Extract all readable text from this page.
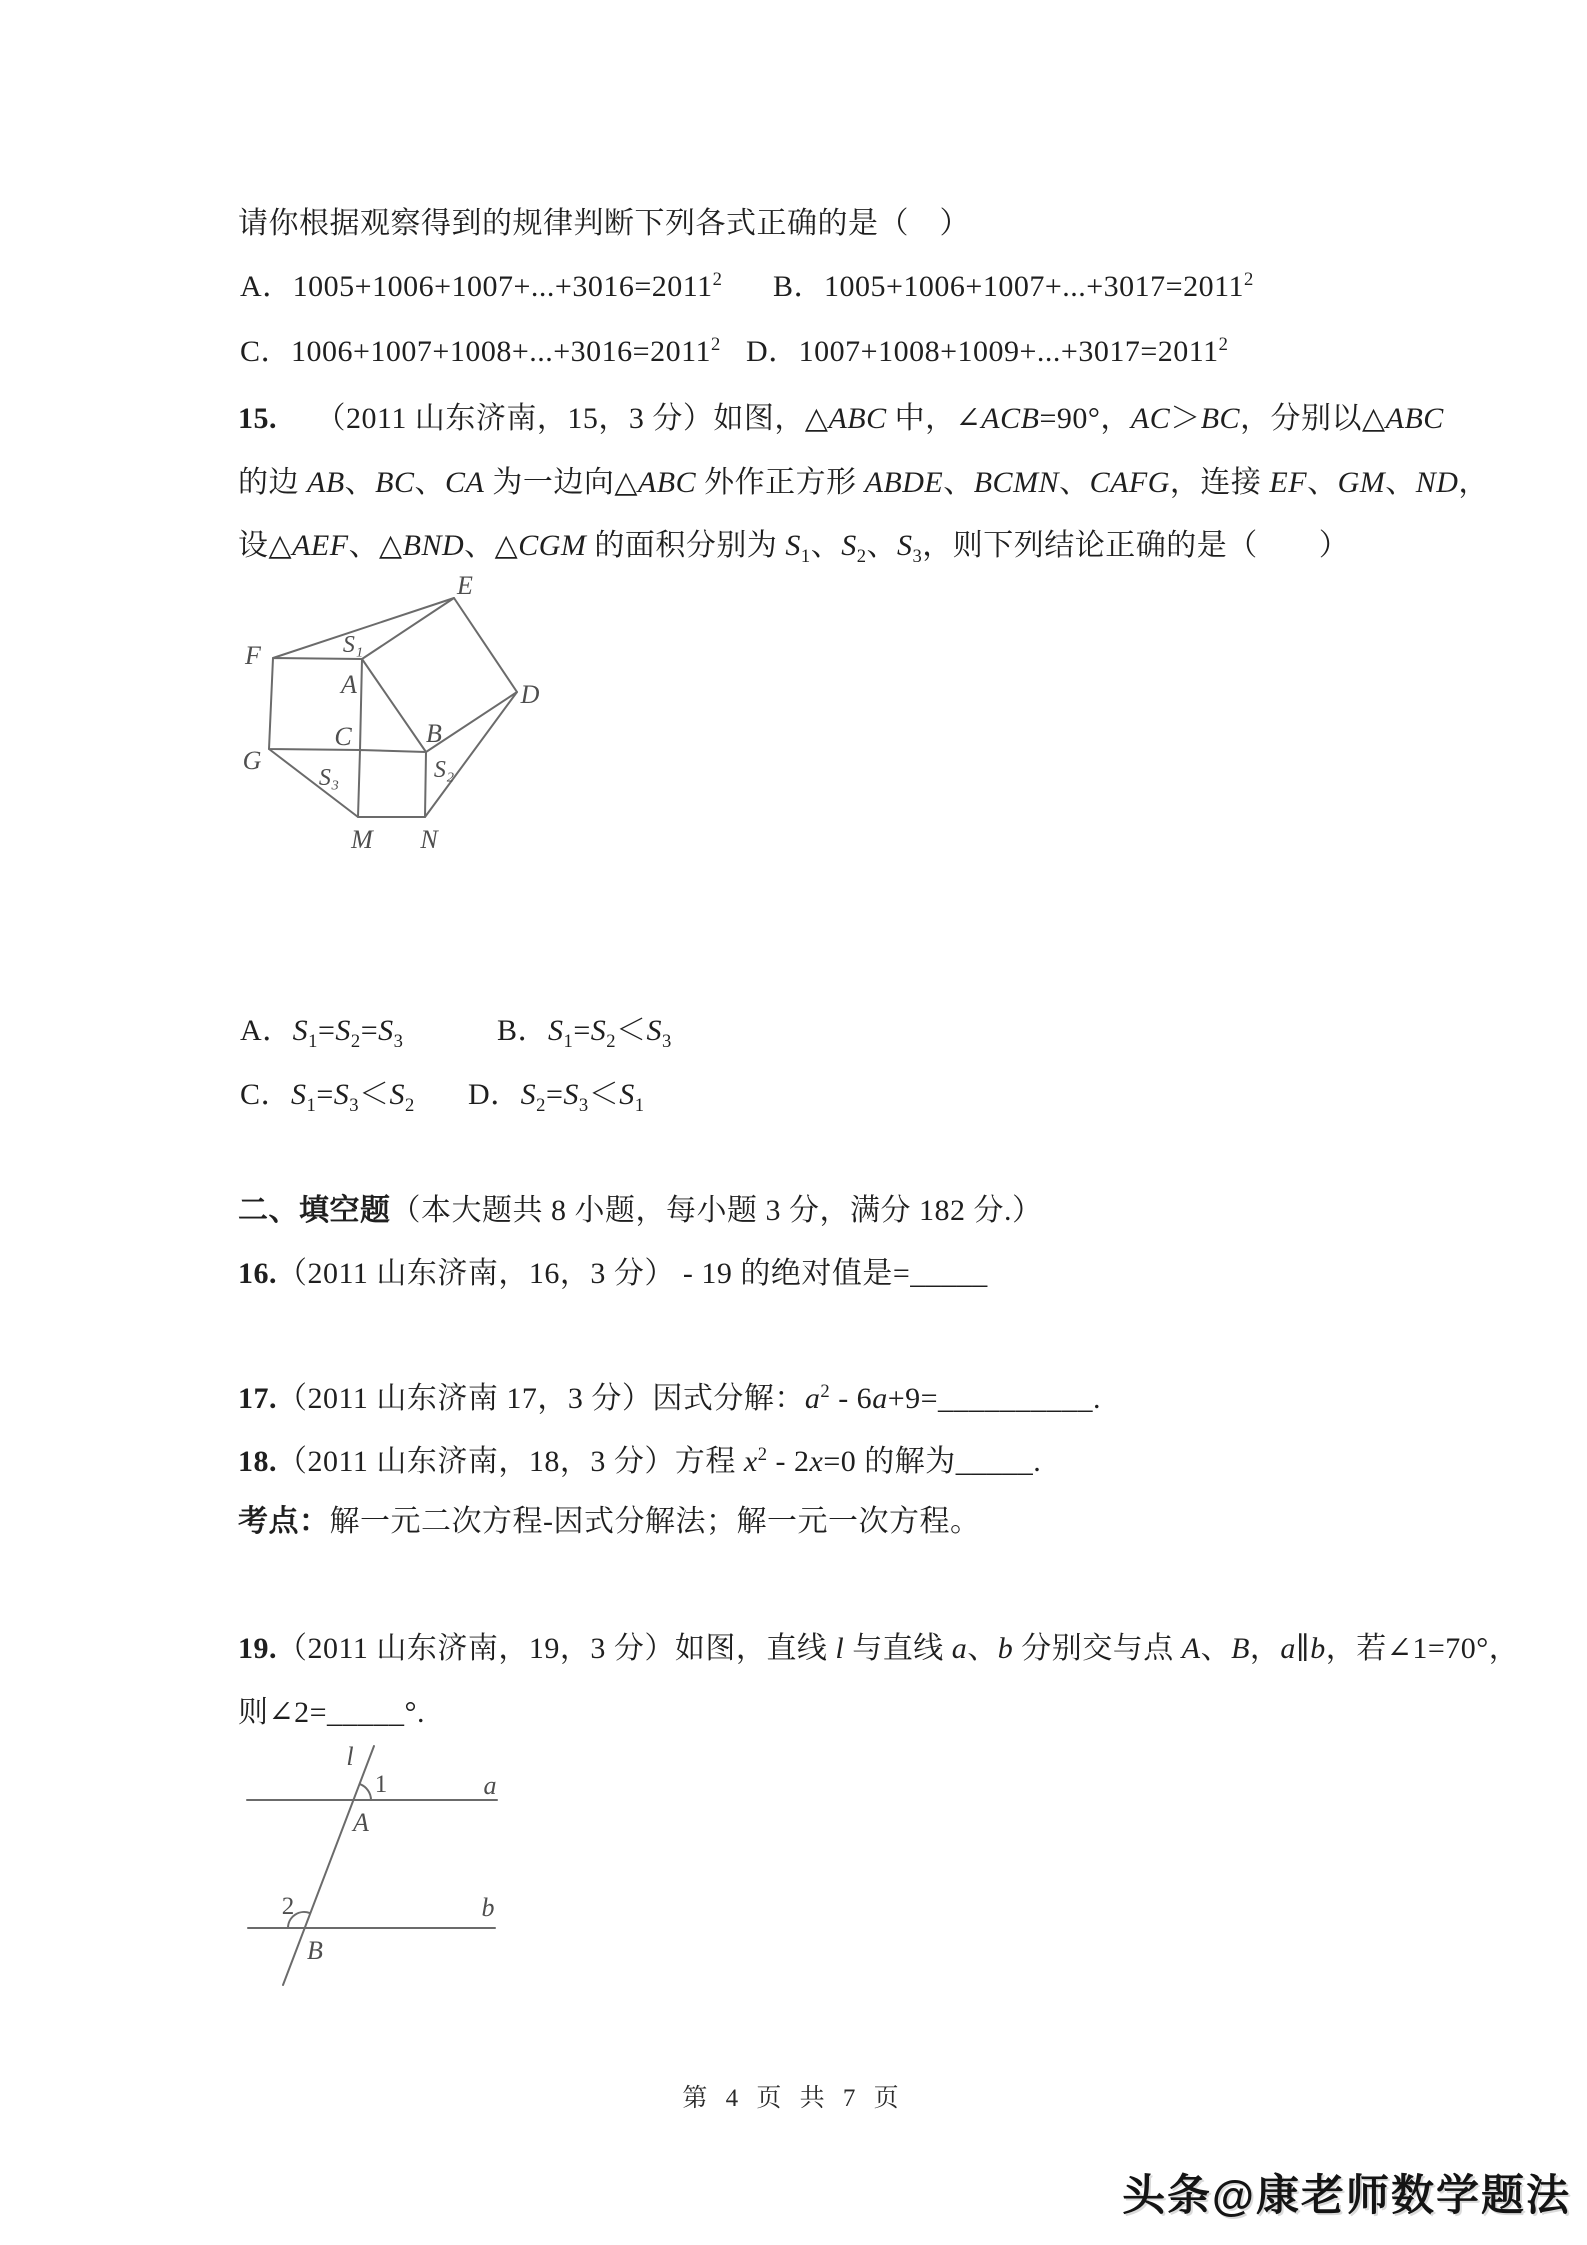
请你根据观察得到的规律判断下列各式正确的是（　）
A．$1005+1006+1007+...+3016=2011^2$ B．$1005+1006+1007+...+3017=2011^2$
C．$1006+1007+1008+...+3016=2011^2$ D．$1007+1008+1009+...+3017=2011^2$
15.　 （2011 山东济南，15，3 分）如图，△ABC 中，∠ACB=90°，AC＞BC，分别以△ABC
的边 AB、BC、CA 为一边向△ABC 外作正方形 ABDE、BCMN、CAFG，连接 EF、GM、ND，
设△AEF、△BND、△CGM 的面积分别为 $S_1$、$S_2$、$S_3$，则下列结论正确的是（　　）
E
F	S₁
A	D
C	B
G	S₂
S₃
M N
A．$S_1=S_2=S_3$	B．$S_1=S_2<S_3$
C．$S_1=S_3<S_2$ D．$S_2=S_3<S_1$
二、填空题（本大题共 8 小题，每小题 3 分，满分 182 分.）
16.（2011 山东济南，16，3 分） - 19 的绝对值是=_____
17.（2011 山东济南 17，3 分）因式分解：$a^2$ - 6a+9=__________.
18.（2011 山东济南，18，3 分）方程 $x^2 - 2x=0$ 的解为_____.
考点：解一元二次方程-因式分解法；解一元一次方程。
19.（2011 山东济南，19，3 分）如图，直线 l 与直线 a、b 分别交与点 A、B，a∥b，若∠1=70°，
则∠2=_____°.
l
1	a
A
2	b
B
第 4 页 共 7 页
头条@康老师数学题法
